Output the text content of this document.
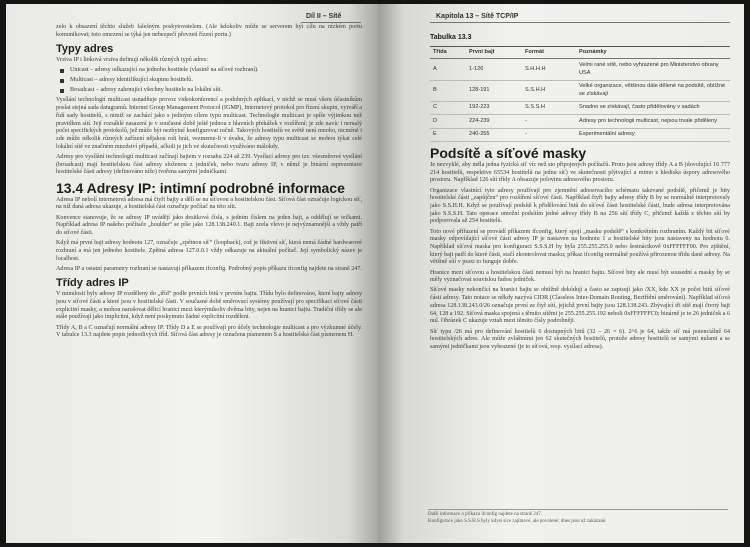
Díl II – Sítě

zelo k obsazení těchto služeb falešným poskytovatelem. (Ale kdokoliv může se serverem být cílu na nízkém portu komunikovat; toto omezení se týká jen nebezpečí převzetí řízení portu.)

Typy adres

Vrstva IP i linková vrstva definují několik různých typů adres:

Unicast – adresy odkazující na jednoho hostitele (vlastně na síťové rozhraní).
Multicast – adresy identifikující skupinu hostitelů.
Broadcast – adresy zahrnující všechny hostitele na lokální síti.

Vysílání technologií multicast usnadňuje provoz videokonferencí a podobných aplikací, v nichž se musí všem účastníkům poslat stejná sada datagramů. Internet Group Management Protocol (IGMP), Internetový protokol pro řízení skupin, vytváří a řídí sady hostitelů, s nimiž se zachází jako s jediným cílem typu multicast. Technologie multicast je spíše výjimkou než pravidlem sítí. Její rozsáhlé nasazení je v současné době ještě jednou z hlavních překážek v rozšíření; je zde navíc i nemalý počet specifických protokolů, jež může být nezbytné konfigurovat ručně. Takových hostitelů ve světě není mnoho, nicméně i zde může několik různých zařízení nějakou roli hrát, vezmeme-li v úvahu, že adresy typu multicast se mohou týkat celé lokální sítě ve značném množství případů, ačkoli je jich ve skutečnosti využíváno málokdy.

Adresy pro vysílání technologií multicast začínají bajtem v rozsahu 224 až 239. Vysílací adresy pro tzv. všesměrové vysílání (broadcast) mají hostitelskou část adresy složenou z jedniček, nebo tvaru adresy IP, v němž je binární reprezentace hostitelské části adresy (definováno níže) tvořena samými jedničkami.

13.4 Adresy IP: intimní podrobné informace

Adresa IP nebolí internetová adresa má čtyři bajty a dělí se na síťovou a hostitelskou část. Síťová část označuje logickou síť, na níž daná adresa ukazuje, a hostitelská část označuje počítač na této síti.

Konvence stanovuje, že se adresy IP uvádějí jako desítková čísla, s jedním číslem na jeden bajt, a oddělují se tečkami. Například adresa IP našeho počítače „boulder“ se píše jako 128.138.240.1. Bajt zcela vlevo je nejvýznamnější a vždy patří do síťové části.

Když má první bajt adresy hodnotu 127, označuje „zpětnou síť“ (loopback), což je fiktivní síť, která nemá žádné hardwarové rozhraní a má jen jednoho hostitele. Zpětná adresa 127.0.0.1 vždy odkazuje na aktuální počítač. Její symbolický název je localhost.

Adresa IP a ostatní parametry rozhraní se nastavují příkazem ifconfig. Podrobný popis příkazu ifconfig najdete na straně 247.

Třídy adres IP

V minulosti byly adresy IP rozděleny do „tříd“ podle prvních bitů v prvním bajtu. Třídu bylo definováno, které bajty adresy jsou v síťové části a které jsou v hostitelské části. V současné době směrovací systémy používají pro specifikaci síťové části explicitní masky, a mohou narušovat dělicí hranici mezi kterýmikoliv dvěma bity, nejen na hranici bajtu. Tradiční třídy se ale stále používají jako implicitní, když není poskytnuto žádné explicitní rozdělení.

Třídy A, B a C označují normální adresy IP. Třídy D a E se používají pro účely technologie multicast a pro výzkumné účely. V tabulce 13.3 najdete popis jednotlivých tříd. Síťová část adresy je označena písmenem S a hostitelská část písmenem H.

Kapitola 13 – Sítě TCP/IP
Tabulka 13.3
Třída	První bajt	Formát	Poznámky
A	1-126	S.H.H.H	Velmi rané sítě, nebo vyhrazené pro Ministerstvo obrany USA
B	128-191	S.S.H.H	Velké organizace, většinou dále dělené na podsítě, obtížné se získávají
C	192-223	S.S.S.H	Snadno se získávají, často přidělovány v sadách
D	224-239	-	Adresy pro technologii multicast, nejsou trvale přiděleny
E	240-255	-	Experimentální adresy
Podsítě a síťové masky

Je nezvyklé, aby měla jedna fyzická síť víc než sto připojených počítačů. Proto jsou adresy třídy A a B (dovolující 16 777 214 hostitelů, respektive 65534 hostitelů na jednu síť) ve skutečnosti plýtvající a mimo z hlediska úspory adresového prostoru. Například 126 sítí třídy A obsazuje polovinu adresového prostoru.

Organizace vlastnící tyto adresy používají pro zjemnění adresovacího schématu takzvané podsítě, přičemž je bity hostitelské části „zapůjčen“ pro rozšíření síťové části. Například čtyři bajty adresy třídy B by se normálně interpretovaly jako S.S.H.H. Když se používají podsítě k přidělování bitů do síťové části hostitelské části, bude adresa interpretována jako S.S.S.H. Tato operace umožní podsítím jedné adresy třídy B na 256 sítí třídy C, přičemž každá z těchto sítí by podporovala až 254 hostitelů.

Toto nové přiřazení se provádí příkazem ifconfig, který spojí „masku podsítě“ s konkrétním rozhraním. Každý bit síťové masky odpovídající síťové části adresy IP je nastaven na hodnotu 1 a hostitelské bity jsou nastaveny na hodnotu 0. Například síťová maska pro konfiguraci S.S.S.H by byla 255.255.255.0 nebo šestnáctkově 0xFFFFFF00. Pro zjištění, který bajt patří do které části, stačí zkontrolovat masku; příkaz ifconfig normálně používá přirozenou třídu dané adresy. Na většině sítí v praxi to funguje dobře.

Hranice mezi síťovou a hostitelskou částí nemusí být na hranici bajtu. Síťové bity ale musí být sousední a masky by se měly vyznačovat souvislou řadou jedniček.

Síťové masky nekončící na hranici bajtu se obtížně dekódují a často se zapisují jako /XX, kde XX je počet bitů síťové části adresy. Tato notace se někdy nazývá CIDR (Classless Inter-Domain Routing, Beztřídní směrování). Například síťová adresa 128.138.243.0/26 označuje první ze čtyř sítí, jejichž první bajty jsou 128.138.243. Zbývající tři sítě mají čtvrtý bajt 64, 128 a 192. Síťová maska spojená s těmito sítěmi je 255.255.255.192 neboli 0xFFFFFFC0; binárně je to 26 jedniček a 6 nul. Obrázek C ukazuje vztah mezi těmito čísly podrobněji.

Síť typu /26 má pro definování hostitelů 6 dostupných bitů (32 – 26 = 6). 2^6 je 64, takže síť má potenciálně 64 hostitelských adres. Ale může zvláštními jen 62 skutečných hostitelů, protože adresy hostitelů se samými nulami a se samými jedničkami jsou vyhrazené (je to síťová, resp. vysílací adresa).

Další informace o příkazu ifconfig najdete na straně 247.

Konfigurace jako S.S.H.S byly kdysi sice zajímavé, ale povolené; dnes jsou už zakázané.
